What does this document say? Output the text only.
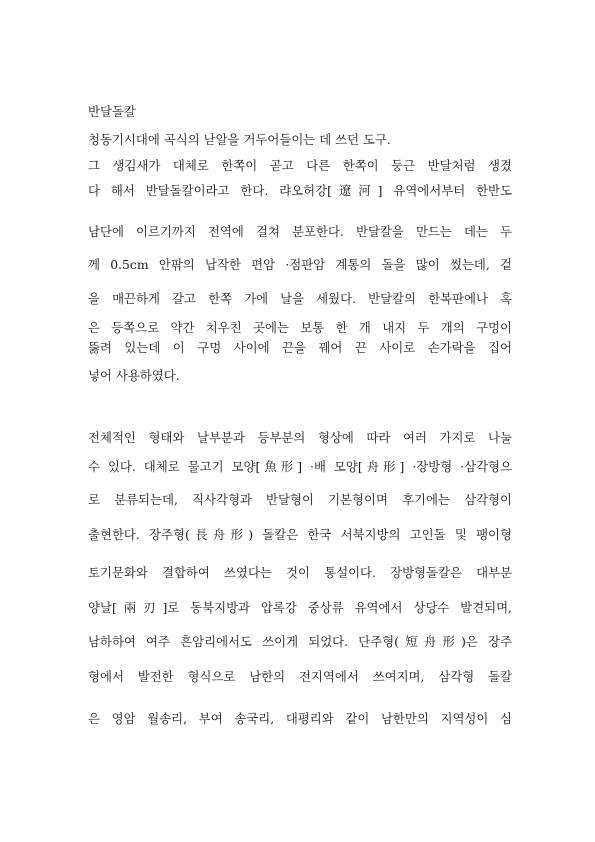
반달돌칼
청동기시대에 곡식의 낟알을 거두어들이는 데 쓰던 도구.
그 생김새가 대체로 한쪽이 곧고 다른 한쪽이 둥근 반달처럼 생겼
다 해서 반달돌칼이라고 한다. 랴오허강[遼河] 유역에서부터 한반도
남단에 이르기까지 전역에 걸쳐 분포한다. 반달칼을 만드는 데는 두
께 0.5cm 안팎의 납작한 편암 ·점판암 계통의 돌을 많이 썼는데, 겉
을 매끈하게 갈고 한쪽 가에 날을 세웠다. 반달칼의 한복판에나 혹
은 등쪽으로 약간 치우친 곳에는 보통 한 개 내지 두 개의 구멍이
뚫려 있는데 이 구멍 사이에 끈을 꿰어 끈 사이로 손가락을 집어
넣어 사용하였다.
전체적인 형태와 날부분과 등부분의 형상에 따라 여러 가지로 나눌
수 있다. 대체로 물고기 모양[魚形] ·배 모양[舟形] ·장방형 ·삼각형으
로 분류되는데, 직사각형과 반달형이 기본형이며 후기에는 삼각형이
출현한다. 장주형(長舟形) 돌칼은 한국 서북지방의 고인돌 및 팽이형
토기문화와 결합하여 쓰였다는 것이 통설이다. 장방형돌칼은 대부분
양날[兩刃]로 동북지방과 압록강 중상류 유역에서 상당수 발견되며,
남하하여 여주 흔암리에서도 쓰이게 되었다. 단주형(短舟形)은 장주
형에서 발전한 형식으로 남한의 전지역에서 쓰여지며, 삼각형 돌칼
은 영암 월송리, 부여 송국리, 대평리와 같이 남한만의 지역성이 심
